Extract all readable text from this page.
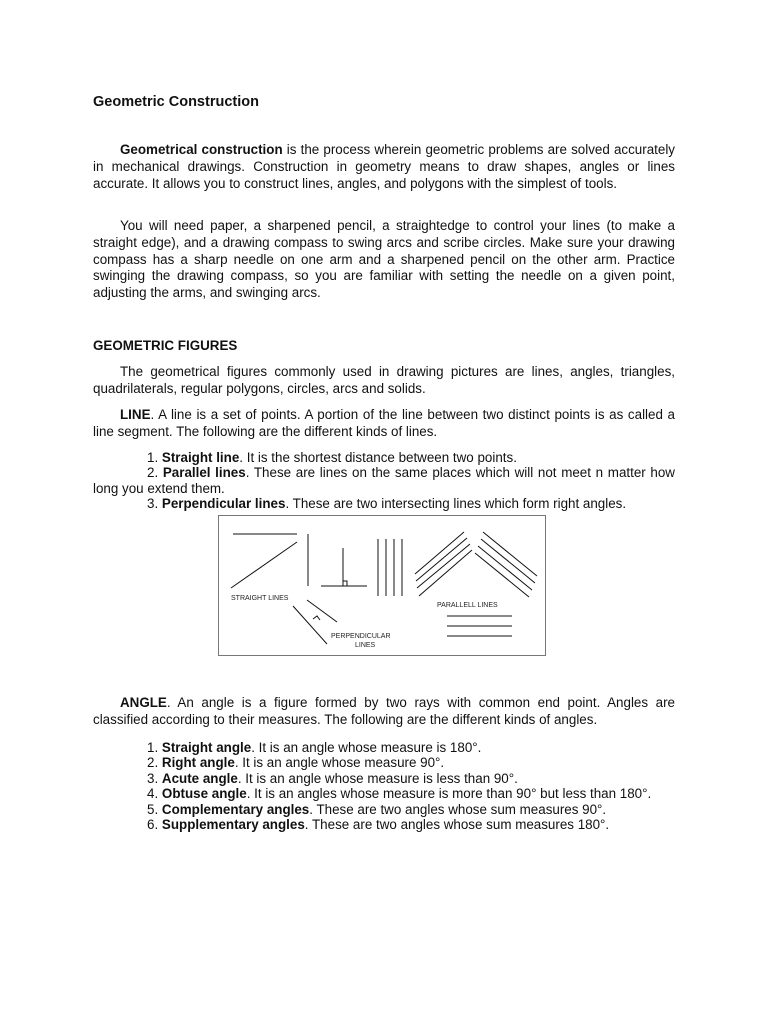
Geometric Construction

Geometrical construction is the process wherein geometric problems are solved accurately in mechanical drawings. Construction in geometry means to draw shapes, angles or lines accurate. It allows you to construct lines, angles, and polygons with the simplest of tools.

You will need paper, a sharpened pencil, a straightedge to control your lines (to make a straight edge), and a drawing compass to swing arcs and scribe circles. Make sure your drawing compass has a sharp needle on one arm and a sharpened pencil on the other arm. Practice swinging the drawing compass, so you are familiar with setting the needle on a given point, adjusting the arms, and swinging arcs.

GEOMETRIC FIGURES

The geometrical figures commonly used in drawing pictures are lines, angles, triangles, quadrilaterals, regular polygons, circles, arcs and solids.

LINE. A line is a set of points. A portion of the line between two distinct points is as called a line segment. The following are the different kinds of lines.

1. Straight line. It is the shortest distance between two points.
2. Parallel lines. These are lines on the same places which will not meet n matter how long you extend them.
3. Perpendicular lines. These are two intersecting lines which form right angles.

ANGLE. An angle is a figure formed by two rays with common end point. Angles are classified according to their measures. The following are the different kinds of angles.

1. Straight angle. It is an angle whose measure is 180°.
2. Right angle. It is an angle whose measure 90°.
3. Acute angle. It is an angle whose measure is less than 90°.
4. Obtuse angle. It is an angles whose measure is more than 90° but less than 180°.
5. Complementary angles. These are two angles whose sum measures 90°.
6. Supplementary angles. These are two angles whose sum measures 180°.
STRAIGHT LINES
PARALLELL LINES
PERPENDICULAR
LINES
